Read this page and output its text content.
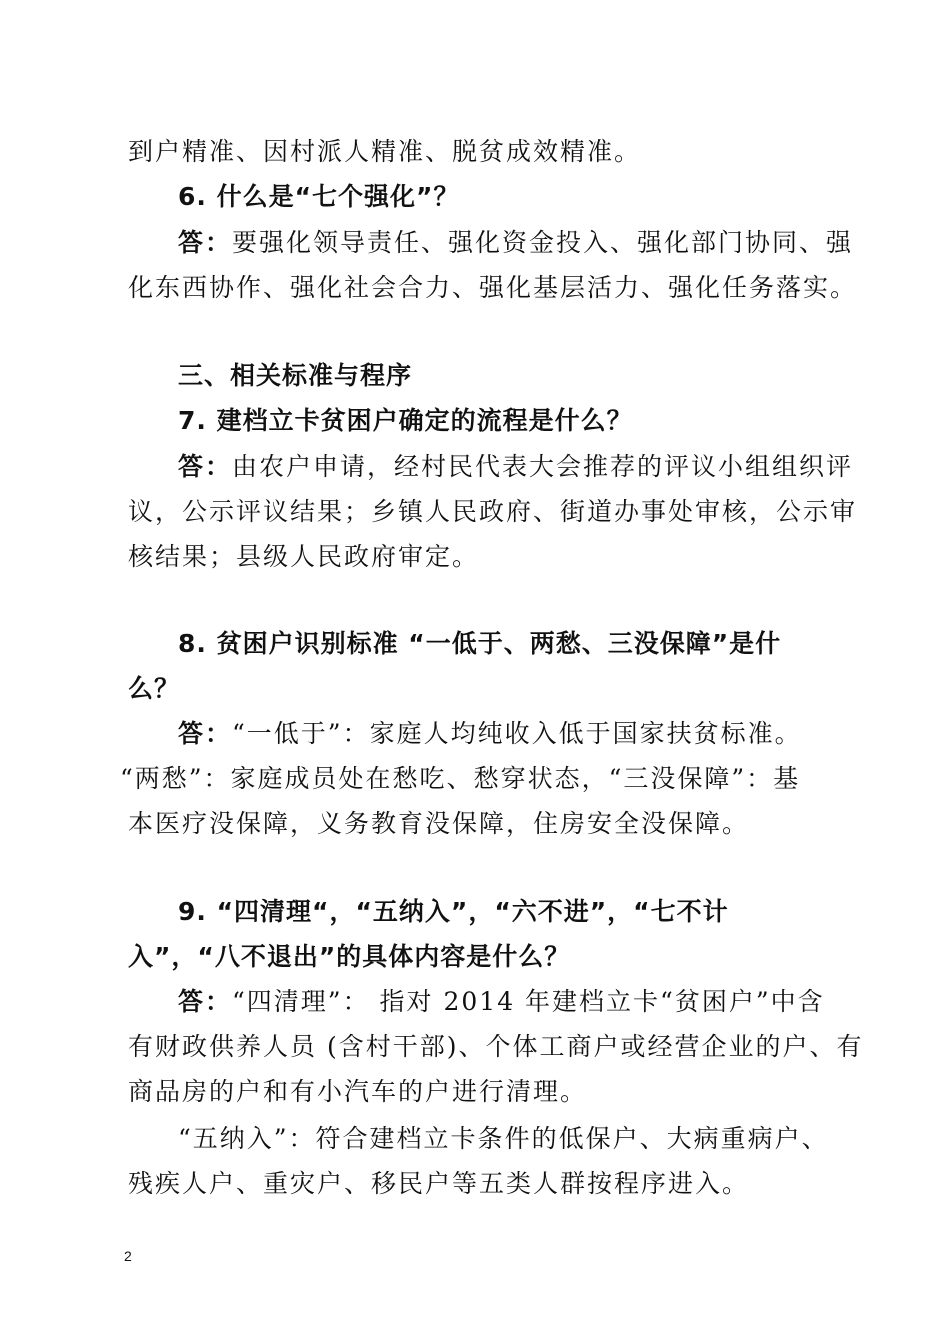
到户精准、因村派人精准、脱贫成效精准。
6. 什么是“七个强化”？
答：要强化领导责任、强化资金投入、强化部门协同、强
化东西协作、强化社会合力、强化基层活力、强化任务落实。
三、相关标准与程序
7. 建档立卡贫困户确定的流程是什么？
答：由农户申请，经村民代表大会推荐的评议小组组织评
议，公示评议结果；乡镇人民政府、街道办事处审核，公示审
核结果；县级人民政府审定。
8. 贫困户识别标准 “一低于、两愁、三没保障”是什
么？
答：“一低于”：家庭人均纯收入低于国家扶贫标准。
“两愁”：家庭成员处在愁吃、愁穿状态，“三没保障”：基
本医疗没保障，义务教育没保障，住房安全没保障。
9. “四清理“，“五纳入”，“六不进”，“七不计
入”，“八不退出”的具体内容是什么？
答：“四清理”： 指对 2014 年建档立卡“贫困户”中含
有财政供养人员 (含村干部)、个体工商户或经营企业的户、有
商品房的户和有小汽车的户进行清理。
“五纳入”：符合建档立卡条件的低保户、大病重病户、
残疾人户、重灾户、移民户等五类人群按程序进入。
2
